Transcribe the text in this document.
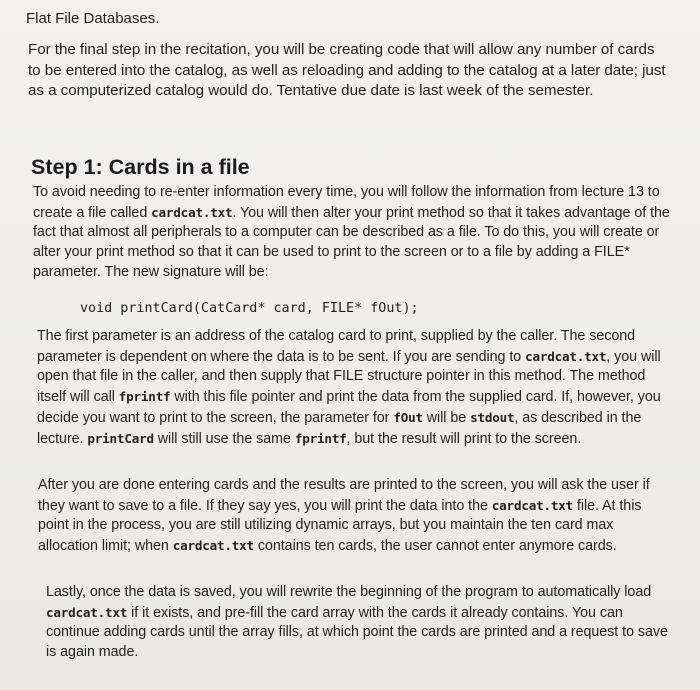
Flat File Databases.

For the final step in the recitation, you will be creating code that will allow any number of cards to be entered into the catalog, as well as reloading and adding to the catalog at a later date; just as a computerized catalog would do. Tentative due date is last week of the semester.

Step 1: Cards in a file

To avoid needing to re-enter information every time, you will follow the information from lecture 13 to create a file called cardcat.txt. You will then alter your print method so that it takes advantage of the fact that almost all peripherals to a computer can be described as a file. To do this, you will create or alter your print method so that it can be used to print to the screen or to a file by adding a FILE* parameter. The new signature will be:

void printCard(CatCard* card, FILE* fOut);

The first parameter is an address of the catalog card to print, supplied by the caller. The second parameter is dependent on where the data is to be sent. If you are sending to cardcat.txt, you will open that file in the caller, and then supply that FILE structure pointer in this method. The method itself will call fprintf with this file pointer and print the data from the supplied card. If, however, you decide you want to print to the screen, the parameter for fOut will be stdout, as described in the lecture. printCard will still use the same fprintf, but the result will print to the screen.

After you are done entering cards and the results are printed to the screen, you will ask the user if they want to save to a file. If they say yes, you will print the data into the cardcat.txt file. At this point in the process, you are still utilizing dynamic arrays, but you maintain the ten card max allocation limit; when cardcat.txt contains ten cards, the user cannot enter anymore cards.

Lastly, once the data is saved, you will rewrite the beginning of the program to automatically load cardcat.txt if it exists, and pre-fill the card array with the cards it already contains. You can continue adding cards until the array fills, at which point the cards are printed and a request to save is again made.
